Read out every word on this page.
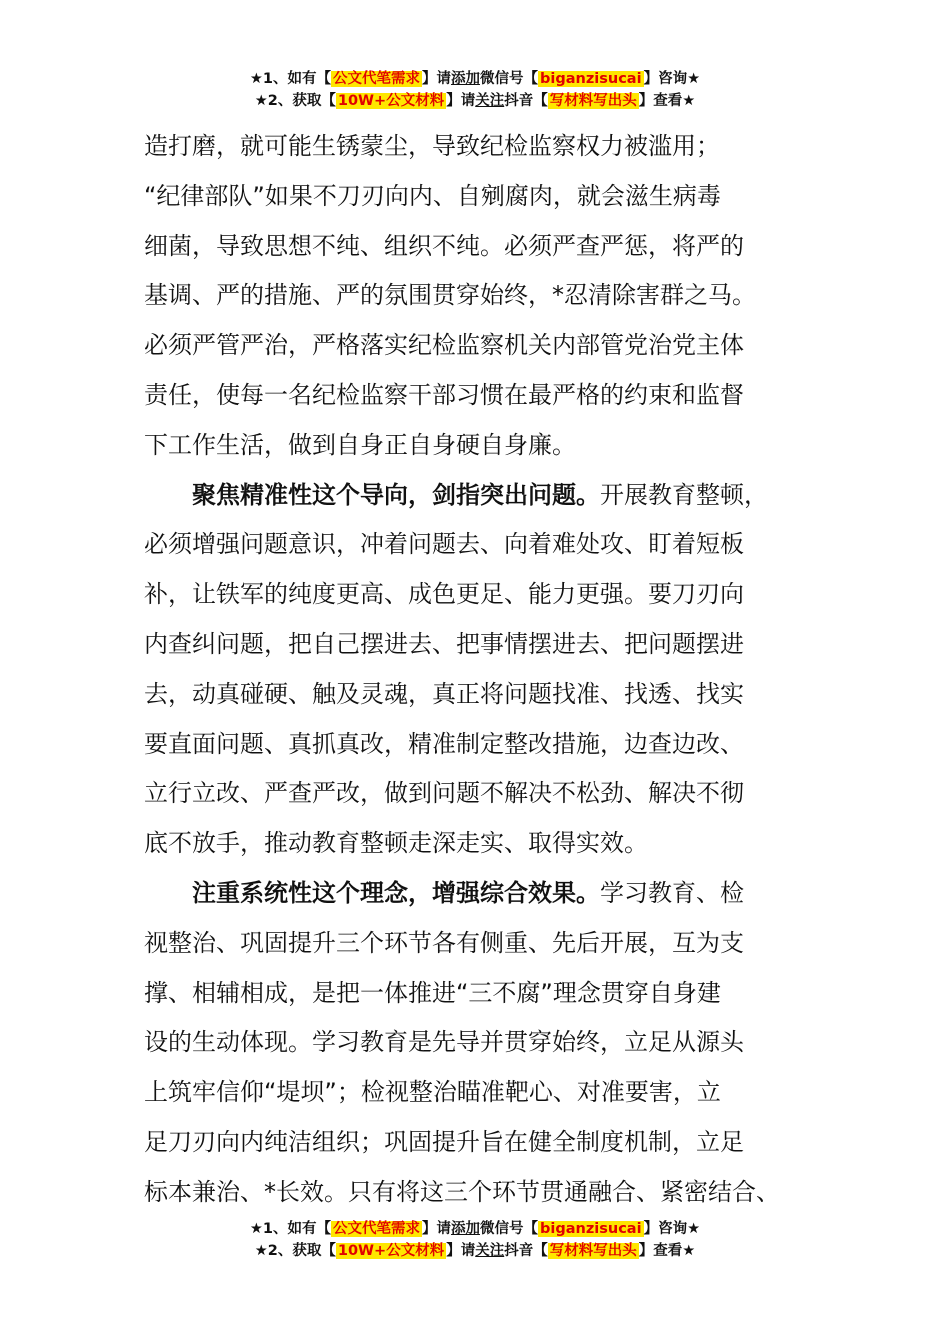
★1、如有【 公文代笔需求 】请添加微信号【 biganzisucai 】咨询★
★2、获取【 10W+公文材料 】请关注抖音【 写材料写出头 】查看★

造打磨，就可能生锈蒙尘，导致纪检监察权力被滥用；
“纪律部队”如果不刀刃向内、自剜腐肉，就会滋生病毒
细菌，导致思想不纯、组织不纯。必须严查严惩，将严的
基调、严的措施、严的氛围贯穿始终，*忍清除害群之马。
必须严管严治，严格落实纪检监察机关内部管党治党主体
责任，使每一名纪检监察干部习惯在最严格的约束和监督
下工作生活，做到自身正自身硬自身廉。

　　聚焦精准性这个导向，剑指突出问题。开展教育整顿，
必须增强问题意识，冲着问题去、向着难处攻、盯着短板
补，让铁军的纯度更高、成色更足、能力更强。要刀刃向
内查纠问题，把自己摆进去、把事情摆进去、把问题摆进
去，动真碰硬、触及灵魂，真正将问题找准、找透、找实
要直面问题、真抓真改，精准制定整改措施，边查边改、
立行立改、严查严改，做到问题不解决不松劲、解决不彻
底不放手，推动教育整顿走深走实、取得实效。

　　注重系统性这个理念，增强综合效果。学习教育、检
视整治、巩固提升三个环节各有侧重、先后开展，互为支
撑、相辅相成，是把一体推进“三不腐”理念贯穿自身建
设的生动体现。学习教育是先导并贯穿始终，立足从源头
上筑牢信仰“堤坝”；检视整治瞄准靶心、对准要害，立
足刀刃向内纯洁组织；巩固提升旨在健全制度机制，立足
标本兼治、*长效。只有将这三个环节贯通融合、紧密结合、

★1、如有【 公文代笔需求 】请添加微信号【 biganzisucai 】咨询★
★2、获取【 10W+公文材料 】请关注抖音【 写材料写出头 】查看★
